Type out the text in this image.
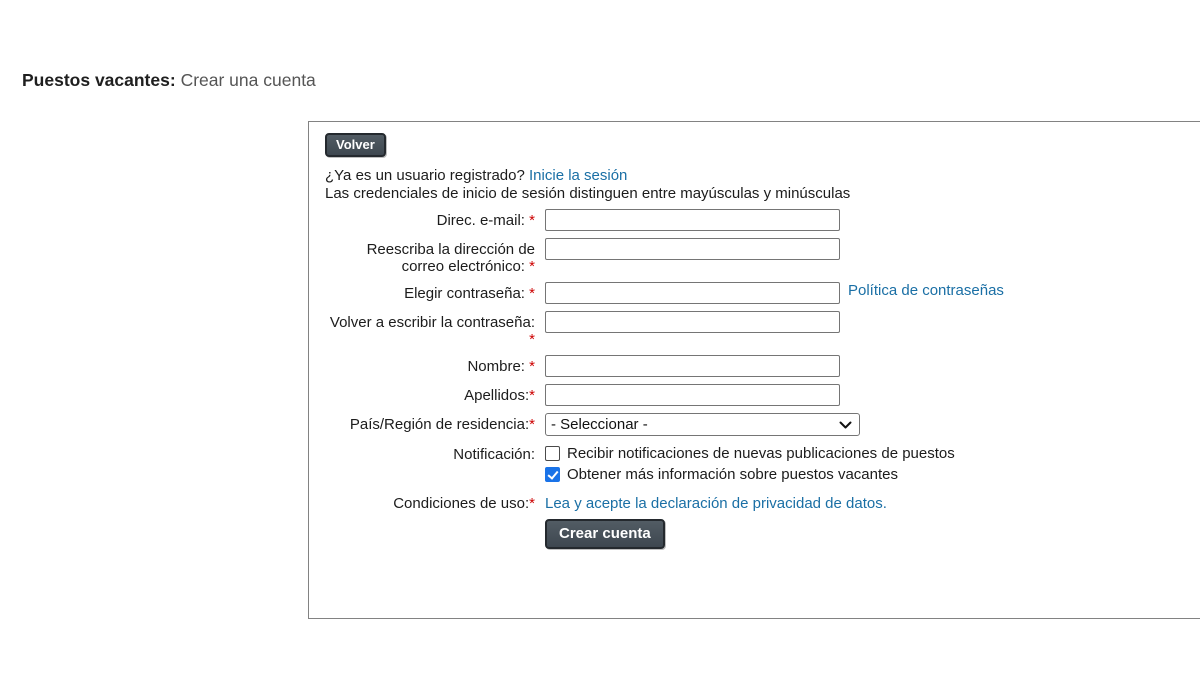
Puestos vacantes: Crear una cuenta
Volver
¿Ya es un usuario registrado? Inicie la sesión
Las credenciales de inicio de sesión distinguen entre mayúsculas y minúsculas
Direc. e-mail: *
Reescriba la dirección de correo electrónico: *
Elegir contraseña: *	Política de contraseñas
Volver a escribir la contraseña: *
Nombre: *
Apellidos:*
País/Región de residencia:*
- Seleccionar -
Notificación: Recibir notificaciones de nuevas publicaciones de puestos
Obtener más información sobre puestos vacantes
Condiciones de uso:* Lea y acepte la declaración de privacidad de datos.
Crear cuenta
